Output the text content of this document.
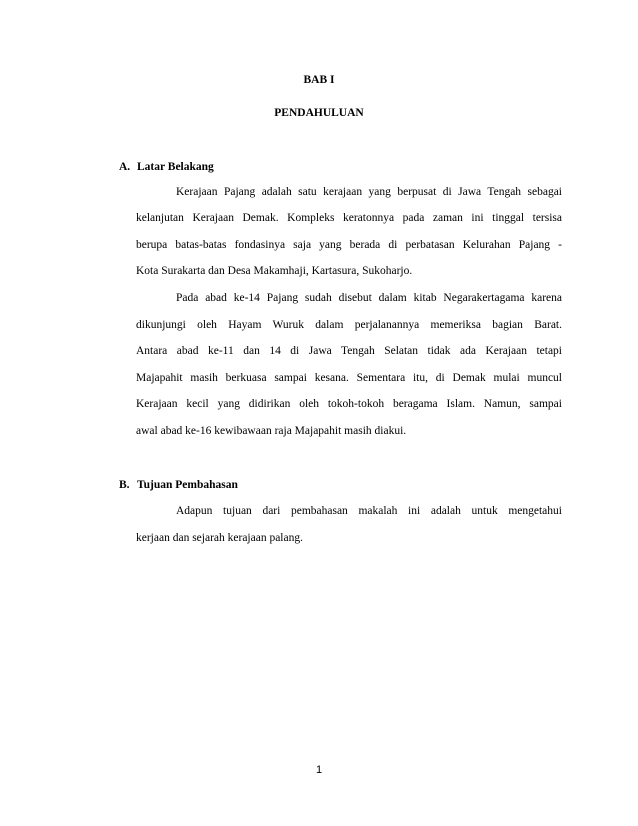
BAB I

PENDAHULUAN

A. Latar Belakang

Kerajaan Pajang adalah satu kerajaan yang berpusat di Jawa Tengah sebagai
kelanjutan Kerajaan Demak. Kompleks keratonnya pada zaman ini tinggal tersisa
berupa batas-batas fondasinya saja yang berada di perbatasan Kelurahan Pajang -
Kota Surakarta dan Desa Makamhaji, Kartasura, Sukoharjo.
Pada abad ke-14 Pajang sudah disebut dalam kitab Negarakertagama karena
dikunjungi oleh Hayam Wuruk dalam perjalanannya memeriksa bagian Barat.
Antara abad ke-11 dan 14 di Jawa Tengah Selatan tidak ada Kerajaan tetapi
Majapahit masih berkuasa sampai kesana. Sementara itu, di Demak mulai muncul
Kerajaan kecil yang didirikan oleh tokoh-tokoh beragama Islam. Namun, sampai
awal abad ke-16 kewibawaan raja Majapahit masih diakui.

B. Tujuan Pembahasan

Adapun tujuan dari pembahasan makalah ini adalah untuk mengetahui
kerjaan dan sejarah kerajaan palang.
1
